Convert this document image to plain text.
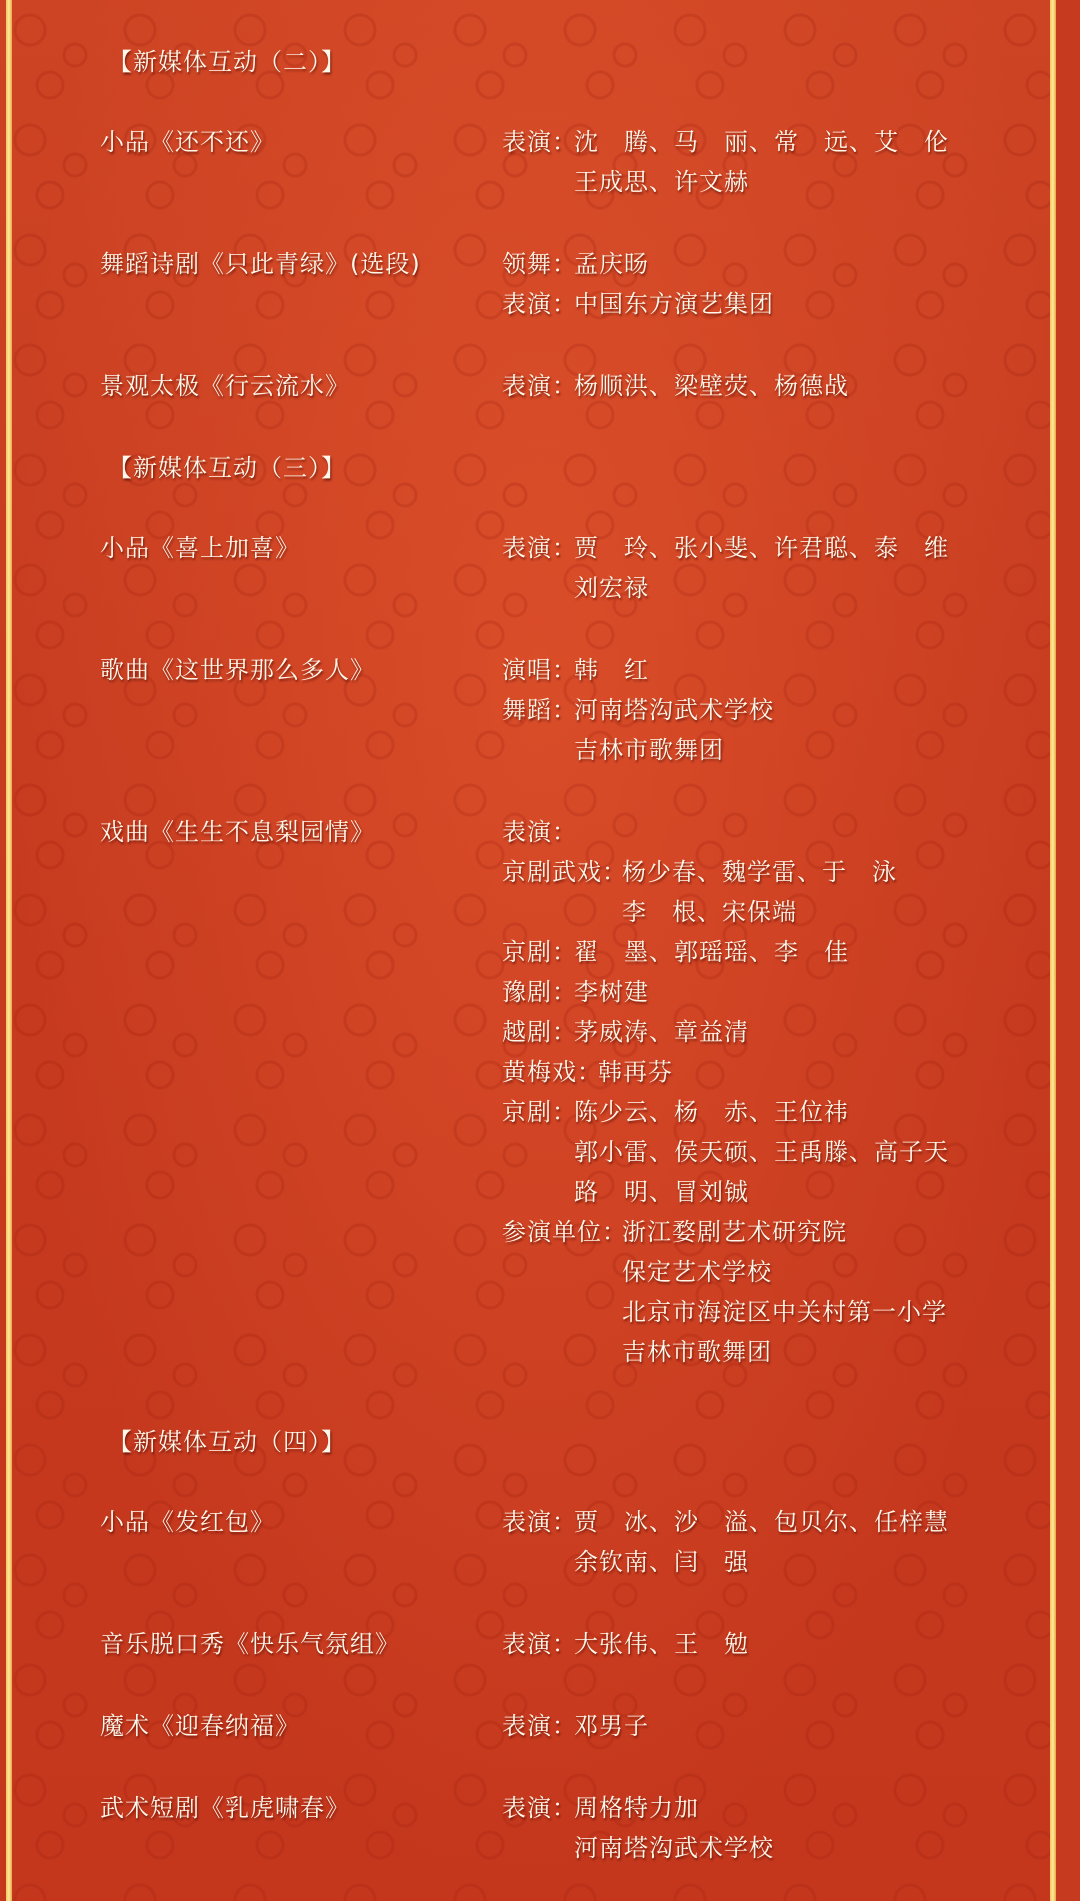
【新媒体互动（二）】
小品《还不还》	表演：
沈　腾、马　丽、常　远、艾　伦
王成思、许文赫
舞蹈诗剧《只此青绿》(选段)	领舞：
孟庆旸
表演：
中国东方演艺集团
景观太极《行云流水》	表演：
杨顺洪、梁壁荧、杨德战
【新媒体互动（三）】
小品《喜上加喜》	表演：
贾　玲、张小斐、许君聪、泰　维
刘宏禄
歌曲《这世界那么多人》	演唱：
韩　红
舞蹈：
河南塔沟武术学校
吉林市歌舞团
戏曲《生生不息梨园情》	表演：
京剧武戏：
杨少春、魏学雷、于　泳
李　根、宋保端
京剧：
翟　墨、郭瑶瑶、李　佳
豫剧：
李树建
越剧：
茅威涛、章益清
黄梅戏：
韩再芬
京剧：
陈少云、杨　赤、王位祎
郭小雷、侯天硕、王禹滕、高子天
路　明、冒刘铖
参演单位：
浙江婺剧艺术研究院
保定艺术学校
北京市海淀区中关村第一小学
吉林市歌舞团
【新媒体互动（四）】
小品《发红包》	表演：
贾　冰、沙　溢、包贝尔、任梓慧
余钦南、闫　强
音乐脱口秀《快乐气氛组》	表演：
大张伟、王　勉
魔术《迎春纳福》	表演：
邓男子
武术短剧《乳虎啸春》	表演：
周格特力加
河南塔沟武术学校
